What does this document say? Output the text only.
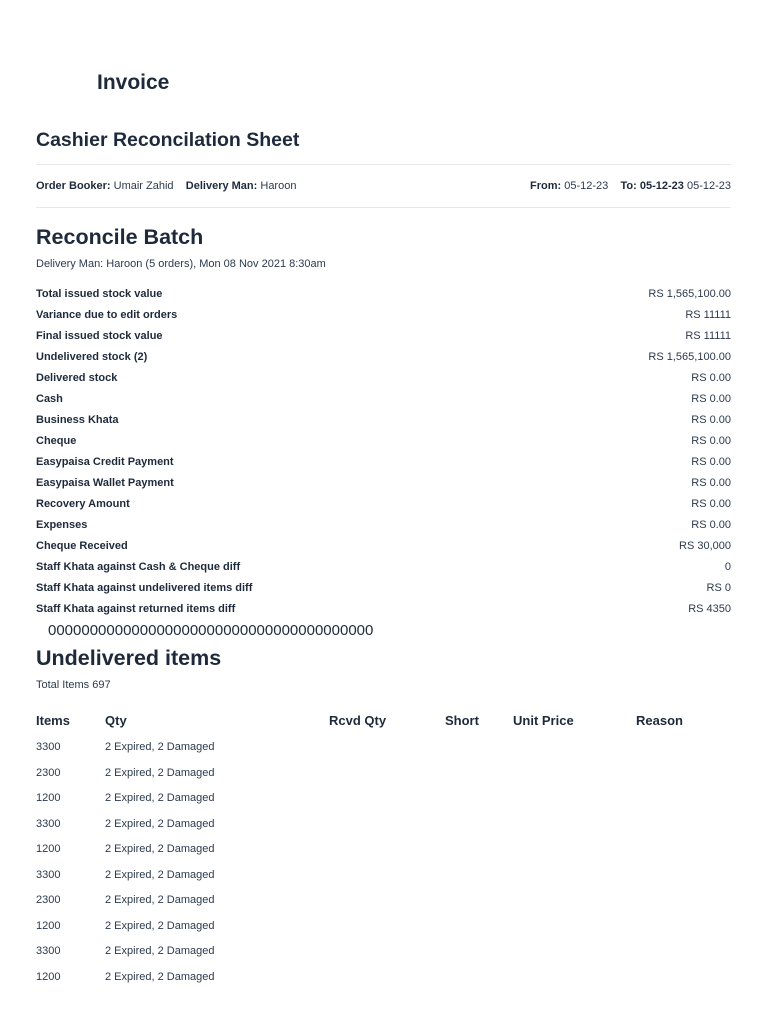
Invoice
Cashier Reconcilation Sheet
Order Booker: Umair Zahid Delivery Man: Haroon	From: 05-12-23 To: 05-12-23 05-12-23
Reconcile Batch
Delivery Man: Haroon (5 orders), Mon 08 Nov 2021 8:30am
Total issued stock value	RS 1,565,100.00
Variance due to edit orders	RS 11111
Final issued stock value	RS 11111
Undelivered stock (2)	RS 1,565,100.00
Delivered stock	RS 0.00
Cash	RS 0.00
Business Khata	RS 0.00
Cheque	RS 0.00
Easypaisa Credit Payment	RS 0.00
Easypaisa Wallet Payment	RS 0.00
Recovery Amount	RS 0.00
Expenses	RS 0.00
Cheque Received	RS 30,000
Staff Khata against Cash & Cheque diff	0
Staff Khata against undelivered items diff	RS 0
Staff Khata against returned items diff	RS 4350
000000000000000000000000000000000000000
Undelivered items
Total Items 697
Items	Qty	Rcvd Qty	Short	Unit Price	Reason
3300	2 Expired, 2 Damaged
2300	2 Expired, 2 Damaged
1200	2 Expired, 2 Damaged
3300	2 Expired, 2 Damaged
1200	2 Expired, 2 Damaged
3300	2 Expired, 2 Damaged
2300	2 Expired, 2 Damaged
1200	2 Expired, 2 Damaged
3300	2 Expired, 2 Damaged
1200	2 Expired, 2 Damaged
